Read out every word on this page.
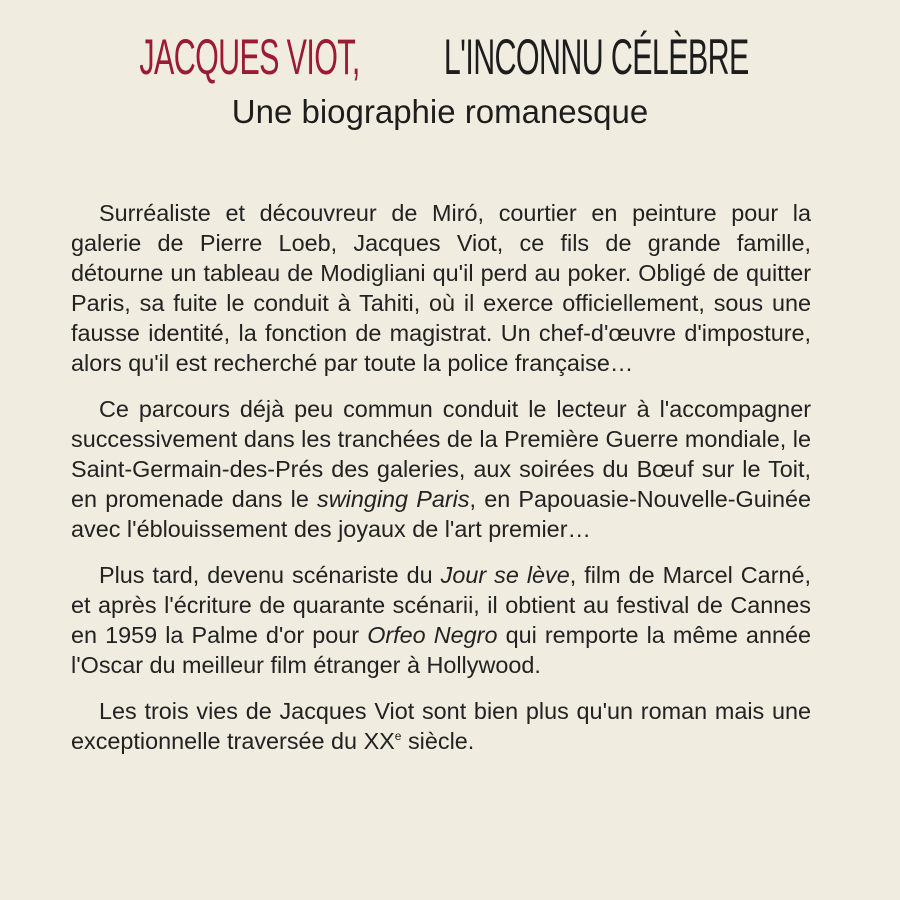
JACQUES VIOT, L'INCONNU CÉLÈBRE
Une biographie romanesque

Surréaliste et découvreur de Miró, courtier en peinture pour la galerie de Pierre Loeb, Jacques Viot, ce fils de grande famille, détourne un tableau de Modigliani qu'il perd au poker. Obligé de quitter Paris, sa fuite le conduit à Tahiti, où il exerce officiellement, sous une fausse identité, la fonction de magistrat. Un chef-d'œuvre d'imposture, alors qu'il est recherché par toute la police française…

Ce parcours déjà peu commun conduit le lecteur à l'accompagner successivement dans les tranchées de la Première Guerre mondiale, le Saint-Germain-des-Prés des galeries, aux soirées du Bœuf sur le Toit, en promenade dans le swinging Paris, en Papouasie-Nouvelle-Guinée avec l'éblouissement des joyaux de l'art premier…

Plus tard, devenu scénariste du Jour se lève, film de Marcel Carné, et après l'écriture de quarante scénarii, il obtient au festival de Cannes en 1959 la Palme d'or pour Orfeo Negro qui remporte la même année l'Oscar du meilleur film étranger à Hollywood.

Les trois vies de Jacques Viot sont bien plus qu'un roman mais une exceptionnelle traversée du XXe siècle.
